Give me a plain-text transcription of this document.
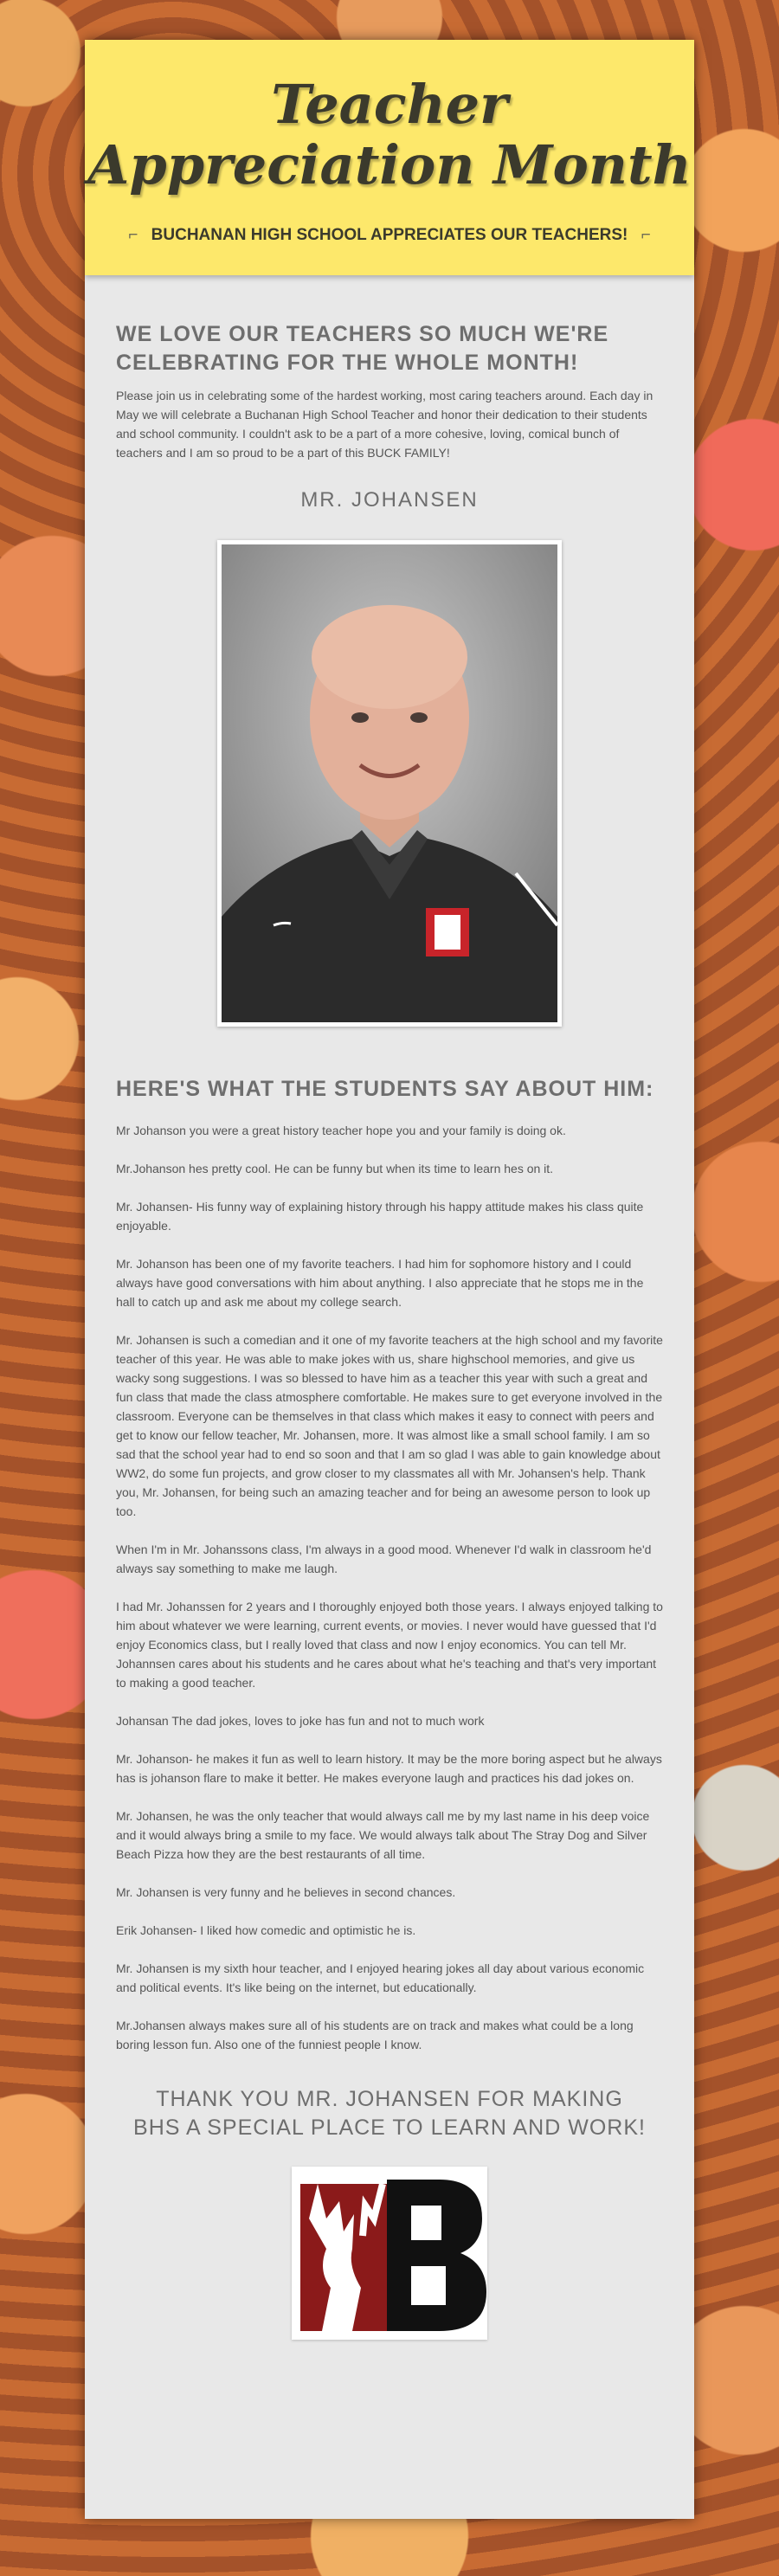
Teacher
Appreciation Month
⌐ BUCHANAN HIGH SCHOOL APPRECIATES OUR TEACHERS! ⌐
WE LOVE OUR TEACHERS SO MUCH WE'RE CELEBRATING FOR THE WHOLE MONTH!

Please join us in celebrating some of the hardest working, most caring teachers around. Each day in May we will celebrate a Buchanan High School Teacher and honor their dedication to their students and school community. I couldn't ask to be a part of a more cohesive, loving, comical bunch of teachers and I am so proud to be a part of this BUCK FAMILY!

MR. JOHANSEN
HERE'S WHAT THE STUDENTS SAY ABOUT HIM:

Mr Johanson you were a great history teacher hope you and your family is doing ok.

Mr.Johanson hes pretty cool. He can be funny but when its time to learn hes on it.

Mr. Johansen- His funny way of explaining history through his happy attitude makes his class quite enjoyable.

Mr. Johanson has been one of my favorite teachers. I had him for sophomore history and I could always have good conversations with him about anything. I also appreciate that he stops me in the hall to catch up and ask me about my college search.

Mr. Johansen is such a comedian and it one of my favorite teachers at the high school and my favorite teacher of this year. He was able to make jokes with us, share highschool memories, and give us wacky song suggestions. I was so blessed to have him as a teacher this year with such a great and fun class that made the class atmosphere comfortable. He makes sure to get everyone involved in the classroom. Everyone can be themselves in that class which makes it easy to connect with peers and get to know our fellow teacher, Mr. Johansen, more. It was almost like a small school family. I am so sad that the school year had to end so soon and that I am so glad I was able to gain knowledge about WW2, do some fun projects, and grow closer to my classmates all with Mr. Johansen's help. Thank you, Mr. Johansen, for being such an amazing teacher and for being an awesome person to look up too.

When I'm in Mr. Johanssons class, I'm always in a good mood. Whenever I'd walk in classroom he'd always say something to make me laugh.

I had Mr. Johanssen for 2 years and I thoroughly enjoyed both those years. I always enjoyed talking to him about whatever we were learning, current events, or movies. I never would have guessed that I'd enjoy Economics class, but I really loved that class and now I enjoy economics. You can tell Mr. Johannsen cares about his students and he cares about what he's teaching and that's very important to making a good teacher.

Johansan The dad jokes, loves to joke has fun and not to much work

Mr. Johanson- he makes it fun as well to learn history. It may be the more boring aspect but he always has is johanson flare to make it better. He makes everyone laugh and practices his dad jokes on.

Mr. Johansen, he was the only teacher that would always call me by my last name in his deep voice and it would always bring a smile to my face. We would always talk about The Stray Dog and Silver Beach Pizza how they are the best restaurants of all time.

Mr. Johansen is very funny and he believes in second chances.

Erik Johansen- I liked how comedic and optimistic he is.

Mr. Johansen is my sixth hour teacher, and I enjoyed hearing jokes all day about various economic and political events. It's like being on the internet, but educationally.

Mr.Johansen always makes sure all of his students are on track and makes what could be a long boring lesson fun. Also one of the funniest people I know.

THANK YOU MR. JOHANSEN FOR MAKING BHS A SPECIAL PLACE TO LEARN AND WORK!
